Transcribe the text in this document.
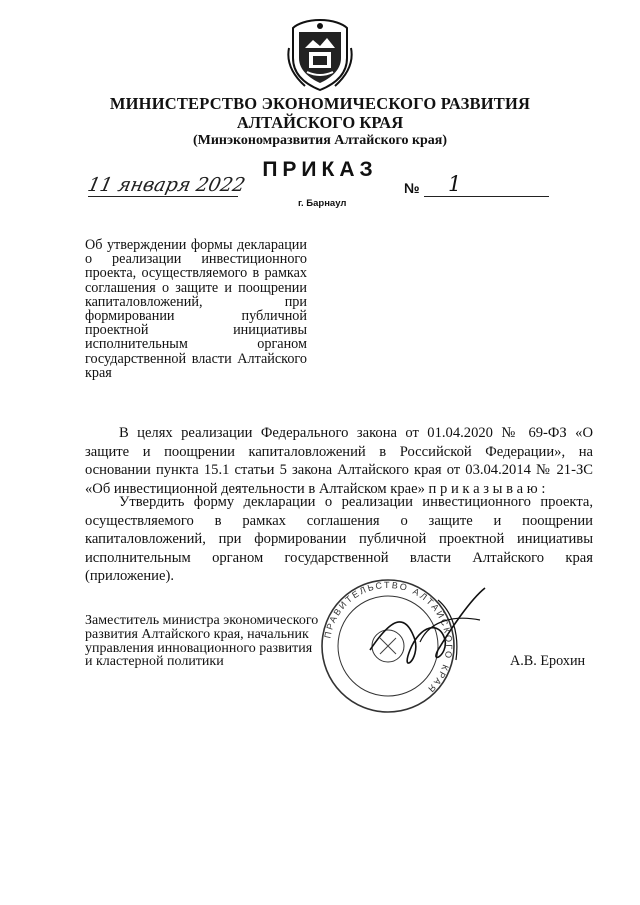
МИНИСТЕРСТВО ЭКОНОМИЧЕСКОГО РАЗВИТИЯ
АЛТАЙСКОГО КРАЯ
(Минэкономразвития Алтайского края)
ПРИКАЗ
11 января 2022	№ 1
г. Барнаул
Об утверждении формы декларации о реализации инвестиционного проекта, осуществляемого в рамках соглашения о защите и поощрении капиталовложений, при формировании публичной проектной инициативы исполнительным органом государственной власти Алтайского края
В целях реализации Федерального закона от 01.04.2020 № 69-ФЗ «О защите и поощрении капиталовложений в Российской Федерации», на основании пункта 15.1 статьи 5 закона Алтайского края от 03.04.2014 № 21-ЗС «Об инвестиционной деятельности в Алтайском крае» п р и к а з ы в а ю :
Утвердить форму декларации о реализации инвестиционного проекта, осуществляемого в рамках соглашения о защите и поощрении капиталовложений, при формировании публичной проектной инициативы исполнительным органом государственной власти Алтайского края (приложение).
Заместитель министра экономического
развития Алтайского края, начальник
управления инновационного развития
и кластерной политики
ПРАВИТЕЛЬСТВО АЛТАЙСКОГО КРАЯ
А.В. Ерохин
